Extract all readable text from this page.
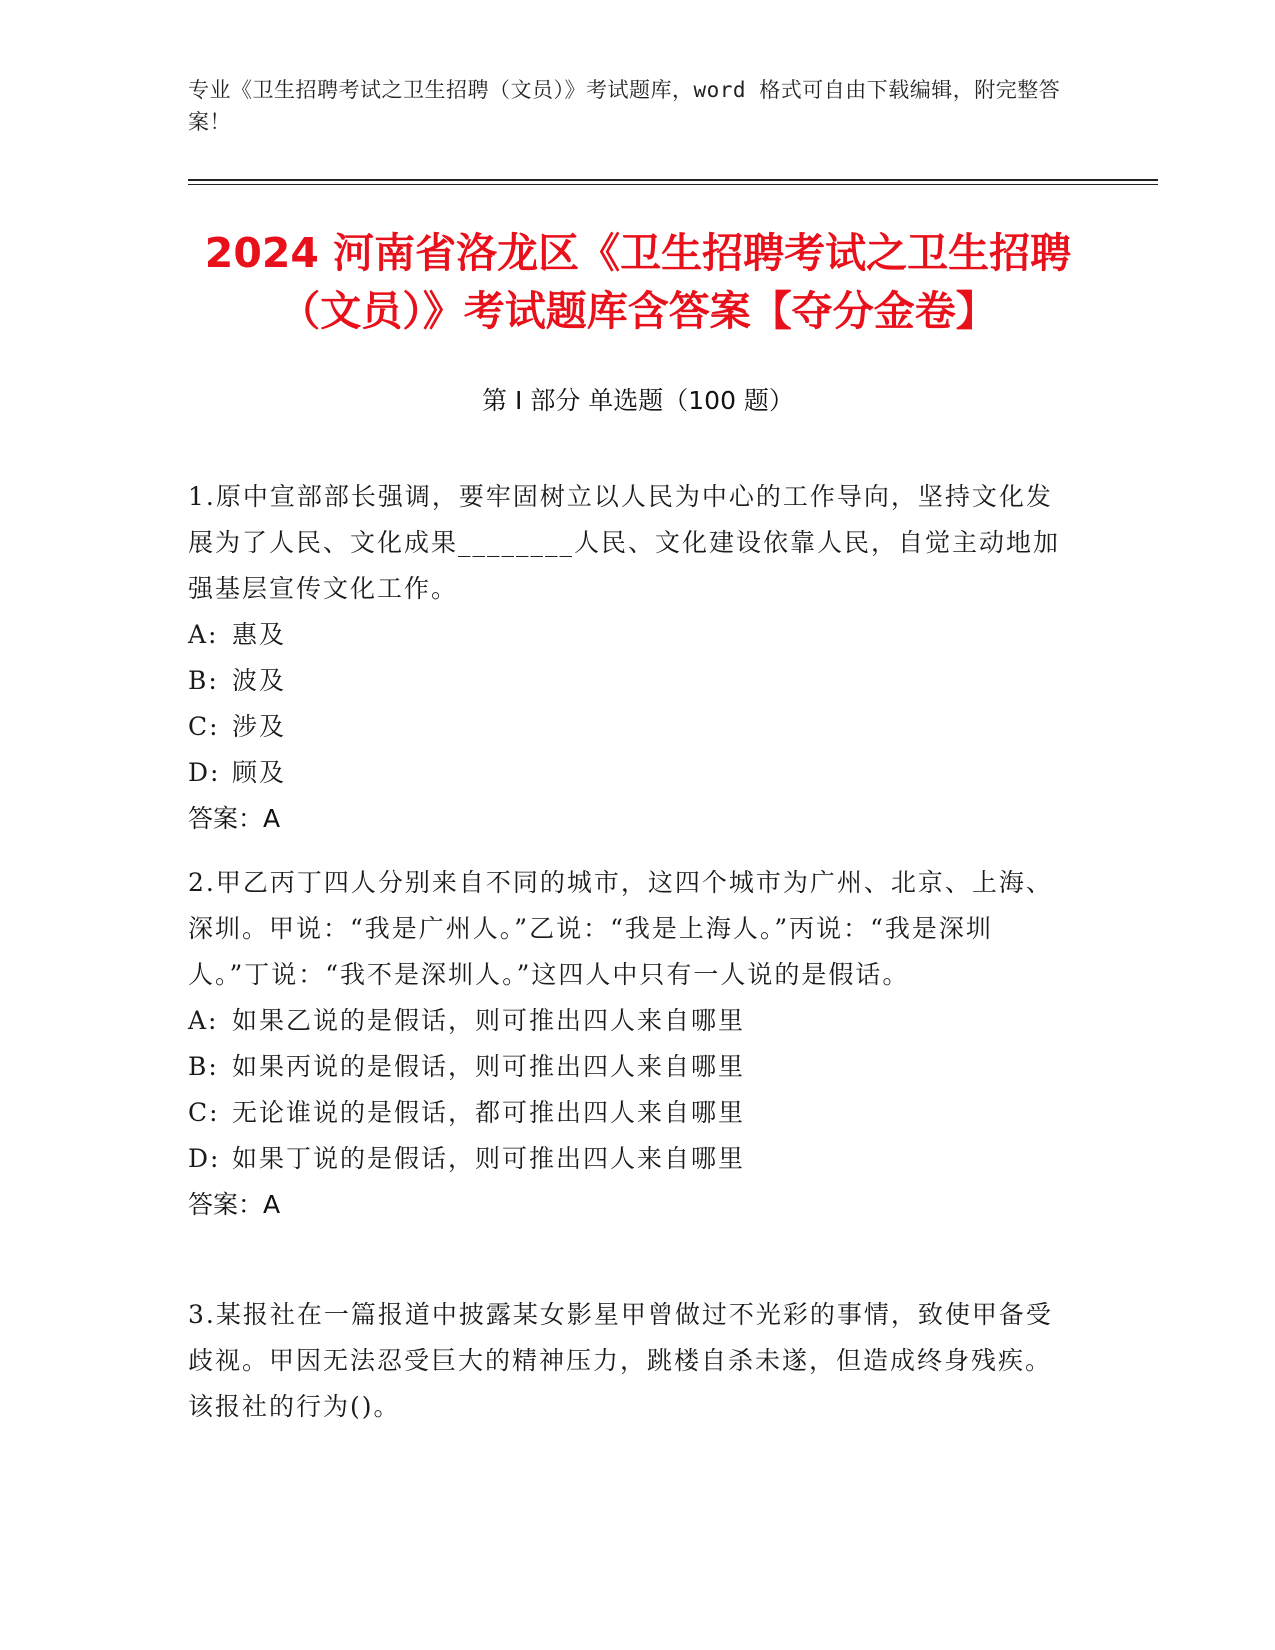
专业《卫生招聘考试之卫生招聘（文员）》考试题库，word 格式可自由下载编辑，附完整答案！
2024 河南省洛龙区《卫生招聘考试之卫生招聘（文员）》考试题库含答案【夺分金卷】
第 I 部分 单选题（100 题）

1.原中宣部部长强调，要牢固树立以人民为中心的工作导向，坚持文化发展为了人民、文化成果________人民、文化建设依靠人民，自觉主动地加强基层宣传文化工作。

A: 惠及
B: 波及
C: 涉及
D: 顾及
答案：A

2.甲乙丙丁四人分别来自不同的城市，这四个城市为广州、北京、上海、深圳。甲说：“我是广州人。”乙说：“我是上海人。”丙说：“我是深圳人。”丁说：“我不是深圳人。”这四人中只有一人说的是假话。

A: 如果乙说的是假话，则可推出四人来自哪里
B: 如果丙说的是假话，则可推出四人来自哪里
C: 无论谁说的是假话，都可推出四人来自哪里
D: 如果丁说的是假话，则可推出四人来自哪里
答案：A

3.某报社在一篇报道中披露某女影星甲曾做过不光彩的事情，致使甲备受歧视。甲因无法忍受巨大的精神压力，跳楼自杀未遂，但造成终身残疾。该报社的行为()。
